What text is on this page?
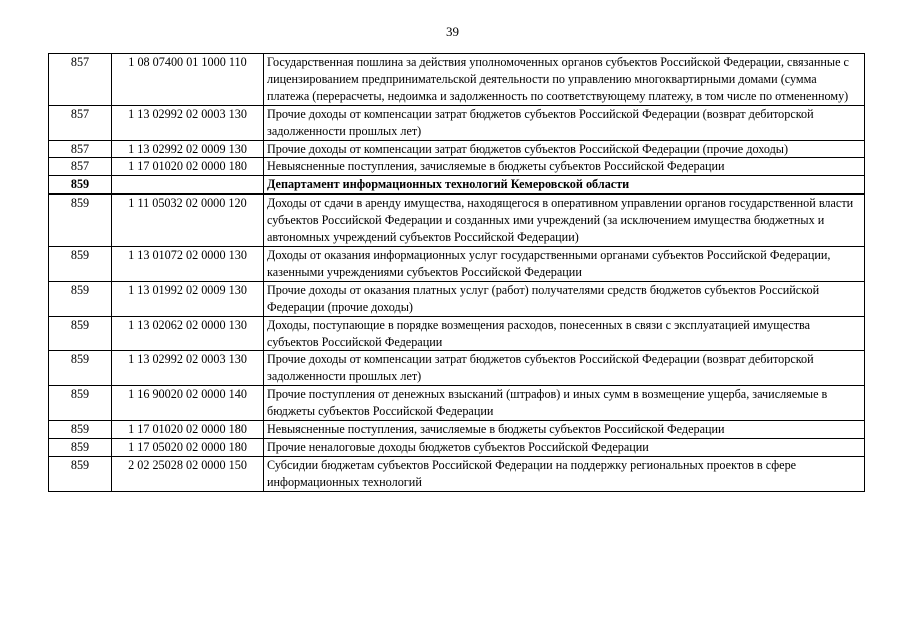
39
857	1 08 07400 01 1000 110	Государственная пошлина за действия уполномоченных органов субъектов Российской Федерации, связанные с лицензированием предпринимательской деятельности по управлению многоквартирными домами (сумма платежа (перерасчеты, недоимка и задолженность по соответствующему платежу, в том числе по отмененному)
857	1 13 02992 02 0003 130	Прочие доходы от компенсации затрат бюджетов субъектов Российской Федерации (возврат дебиторской задолженности прошлых лет)
857	1 13 02992 02 0009 130	Прочие доходы от компенсации затрат бюджетов субъектов Российской Федерации (прочие доходы)
857	1 17 01020 02 0000 180	Невыясненные поступления, зачисляемые в бюджеты субъектов Российской Федерации
859		Департамент информационных технологий Кемеровской области
859	1 11 05032 02 0000 120	Доходы от сдачи в аренду имущества, находящегося в оперативном управлении органов государственной власти субъектов Российской Федерации и созданных ими учреждений (за исключением имущества бюджетных и автономных учреждений субъектов Российской Федерации)
859	1 13 01072 02 0000 130	Доходы от оказания информационных услуг государственными органами субъектов Российской Федерации, казенными учреждениями субъектов Российской Федерации
859	1 13 01992 02 0009 130	Прочие доходы от оказания платных услуг (работ) получателями средств бюджетов субъектов Российской Федерации (прочие доходы)
859	1 13 02062 02 0000 130	Доходы, поступающие в порядке возмещения расходов, понесенных в связи с эксплуатацией имущества субъектов Российской Федерации
859	1 13 02992 02 0003 130	Прочие доходы от компенсации затрат бюджетов субъектов Российской Федерации (возврат дебиторской задолженности прошлых лет)
859	1 16 90020 02 0000 140	Прочие поступления от денежных взысканий (штрафов) и иных сумм в возмещение ущерба, зачисляемые в бюджеты субъектов Российской Федерации
859	1 17 01020 02 0000 180	Невыясненные поступления, зачисляемые в бюджеты субъектов Российской Федерации
859	1 17 05020 02 0000 180	Прочие неналоговые доходы бюджетов субъектов Российской Федерации
859	2 02 25028 02 0000 150	Субсидии бюджетам субъектов Российской Федерации на поддержку региональных проектов в сфере информационных технологий
